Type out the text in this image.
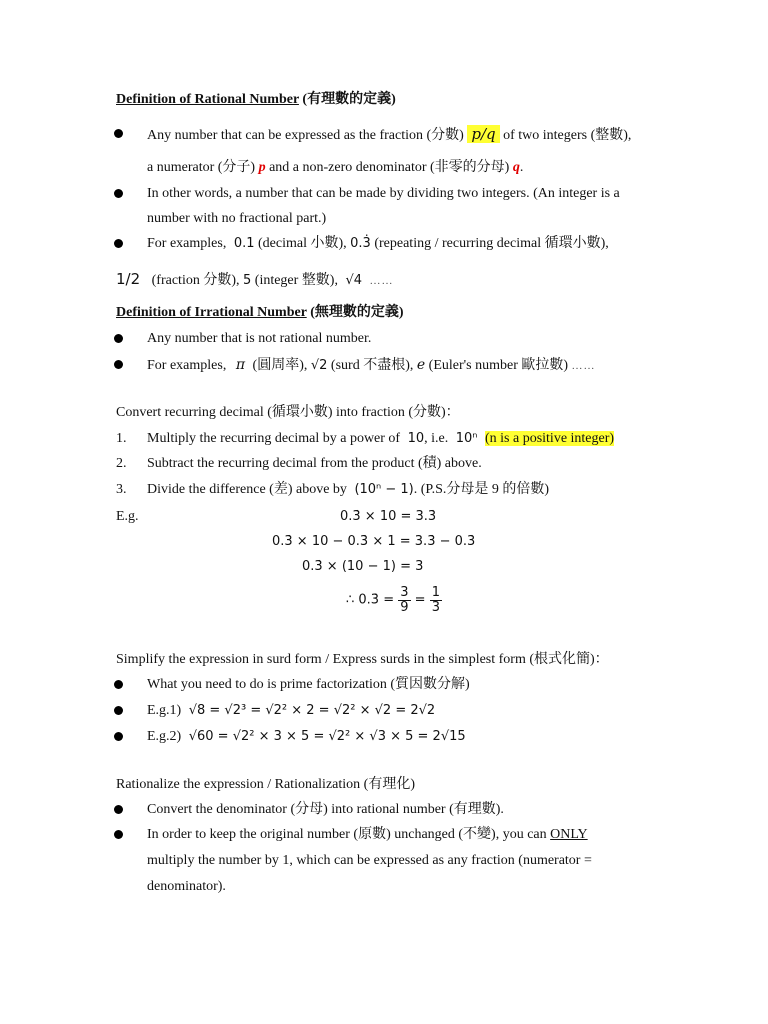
Definition of Rational Number (有理數的定義)
Any number that can be expressed as the fraction (分數) p/q of two integers (整數),
a numerator (分子) p and a non-zero denominator (非零的分母) q.
In other words, a number that can be made by dividing two integers. (An integer is a
number with no fractional part.)
For examples, 0.1 (decimal 小數), 0.3̇ (repeating / recurring decimal 循環小數),
1/2 (fraction 分數), 5 (integer 整數), √4 ……
Definition of Irrational Number (無理數的定義)
Any number that is not rational number.
For examples, π (圓周率), √2 (surd 不盡根), e (Euler's number 歐拉數) ……
Convert recurring decimal (循環小數) into fraction (分數)：
1. Multiply the recurring decimal by a power of 10, i.e. 10ⁿ (n is a positive integer)
2. Subtract the recurring decimal from the product (積) above.
3. Divide the difference (差) above by (10ⁿ − 1). (P.S.分母是 9 的倍數)
E.g.	0.3̇ × 10 = 3.3̇
0.3̇ × 10 − 0.3̇ × 1 = 3.3̇ − 0.3̇
0.3̇ × (10 − 1) = 3
∴ 0.3̇ = $\frac{3}{9} = \frac{1}{3}$
Simplify the expression in surd form / Express surds in the simplest form (根式化簡)：
What you need to do is prime factorization (質因數分解)
E.g.1) √8 = √2³ = √2² × 2 = √2² × √2 = 2√2
E.g.2) √60 = √2² × 3 × 5 = √2² × √3 × 5 = 2√15
Rationalize the expression / Rationalization (有理化)
Convert the denominator (分母) into rational number (有理數).
In order to keep the original number (原數) unchanged (不變), you can ONLY
multiply the number by 1, which can be expressed as any fraction (numerator =
denominator).
